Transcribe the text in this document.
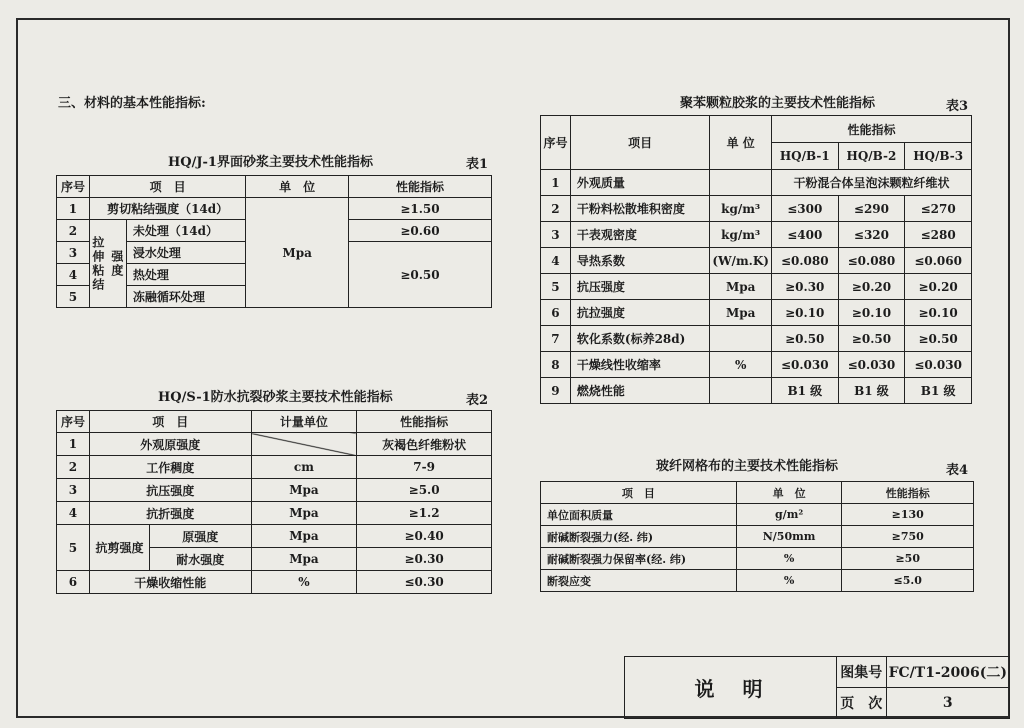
三、材料的基本性能指标:
HQ/J-1界面砂浆主要技术性能指标	表1
序号	项　目		单　位	性能指标
1	剪切粘结强度（14d）		Mpa	≥1.50
2	拉伸粘结 强度	未处理（14d）		≥0.60
3		浸水处理		≥0.50
4		热处理		
5		冻融循环处理		
HQ/S-1防水抗裂砂浆主要技术性能指标	表2
序号	项　目		计量单位	性能指标
1	外观原强度			灰褐色纤维粉状
2	工作稠度		cm	7-9
3	抗压强度		Mpa	≥5.0
4	抗折强度		Mpa	≥1.2
5	抗剪强度	原强度	Mpa	≥0.40
		耐水强度	Mpa	≥0.30
6	干燥收缩性能		%	≤0.30
聚苯颗粒胶浆的主要技术性能指标	表3
序号	项目	单 位	性能指标		
			HQ/B-1	HQ/B-2	HQ/B-3
1	外观质量		干粉混合体呈泡沫颗粒纤维状		
2	干粉料松散堆积密度	kg/m³	≤300	≤290	≤270
3	干表观密度	kg/m³	≤400	≤320	≤280
4	导热系数	(W/m.K)	≤0.080	≤0.080	≤0.060
5	抗压强度	Mpa	≥0.30	≥0.20	≥0.20
6	抗拉强度	Mpa	≥0.10	≥0.10	≥0.10
7	软化系数(标养28d)		≥0.50	≥0.50	≥0.50
8	干燥线性收缩率	%	≤0.030	≤0.030	≤0.030
9	燃烧性能		B1 级	B1 级	B1 级
玻纤网格布的主要技术性能指标	表4
项　目	单　位	性能指标
单位面积质量	g/m²	≥130
耐碱断裂强力(经. 纬)	N/50mm	≥750
耐碱断裂强力保留率(经. 纬)	%	≥50
断裂应变	%	≤5.0
说　明	图集号	FC/T1-2006(二)
	页　次	3
